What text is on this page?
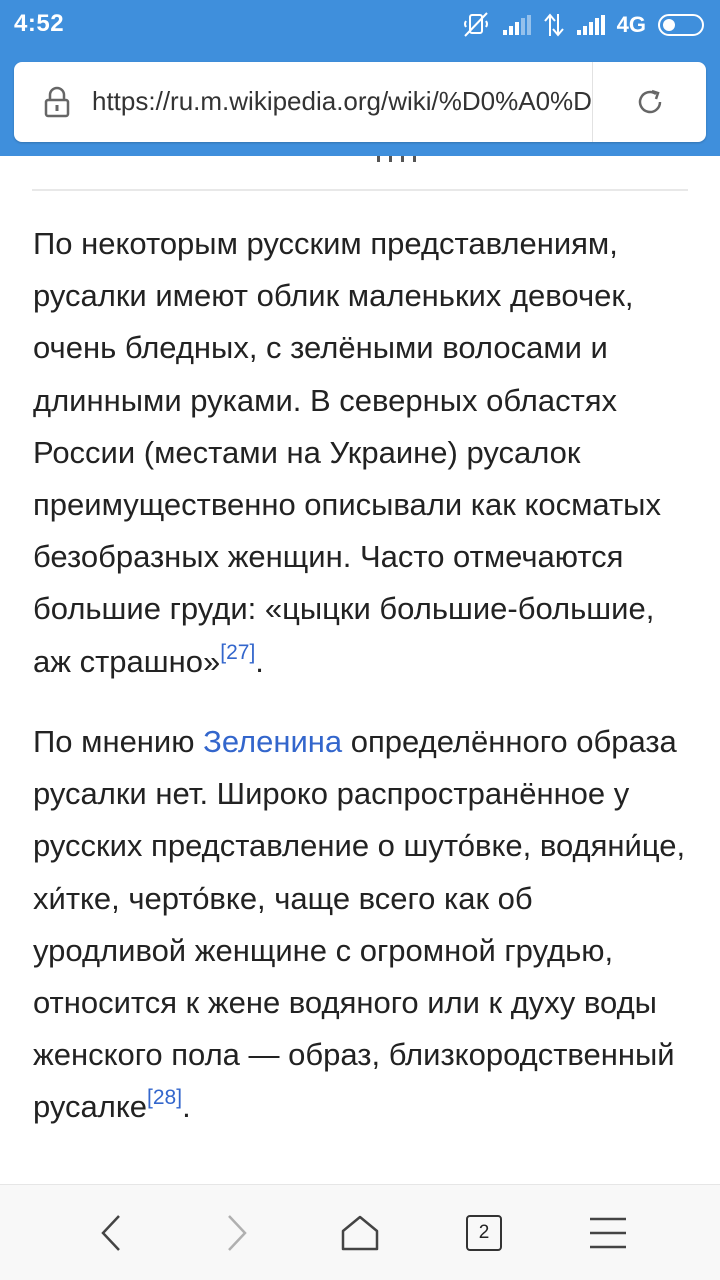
4:52	4G
https://ru.m.wikipedia.org/wiki/%D0%A0%D

По некоторым русским представлениям, русалки имеют облик маленьких девочек, очень бледных, с зелёными волосами и длинными руками. В северных областях России (местами на Украине) русалок преимущественно описывали как косматых безобразных женщин. Часто отмечаются большие груди: «цыцки большие-большие, аж страшно»[27].

По мнению Зеленина определённого образа русалки нет. Широко распространённое у русских представление о шуто́вке, водяни́це, хи́тке, черто́вке, чаще всего как об уродливой женщине с огромной грудью, относится к жене водяного или к духу воды женского пола — образ, близкородственный русалке[28].

2
